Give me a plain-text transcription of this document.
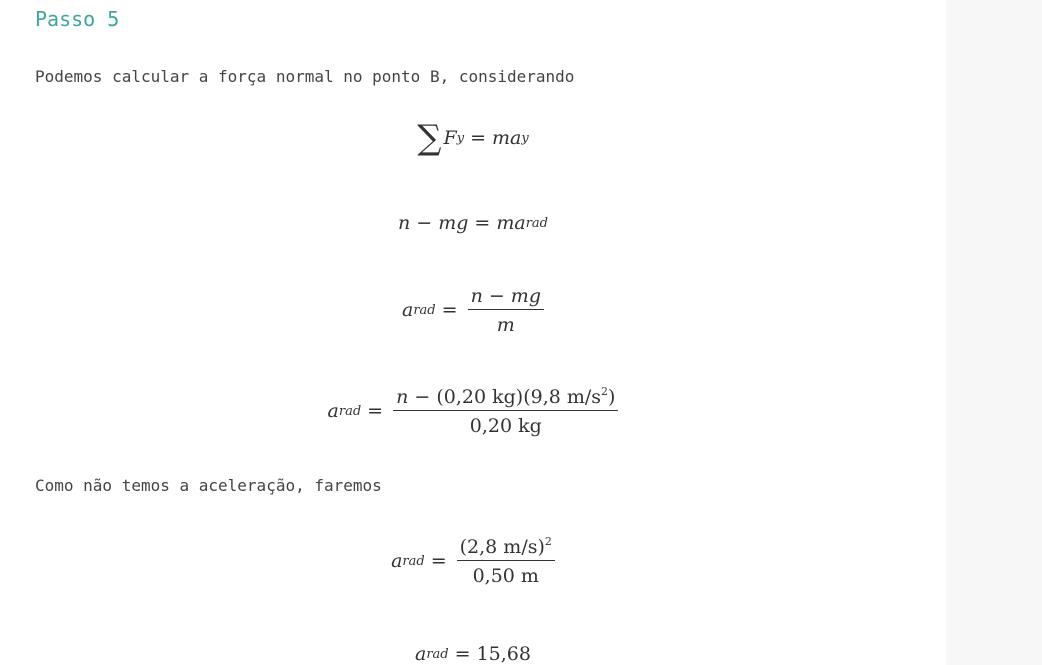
Passo 5
Podemos calcular a força normal no ponto B, considerando
∑ F y = ma y
n − mg = ma rad
a rad = $\frac{n - mg}{m}$
a rad = $\frac{n - (0,20 kg)(9,8 m/s^2)}{0,20 kg}$
Como não temos a aceleração, faremos
a rad = $\frac{(2,8 m/s)^2}{0,50 m}$
a rad = 15,68
